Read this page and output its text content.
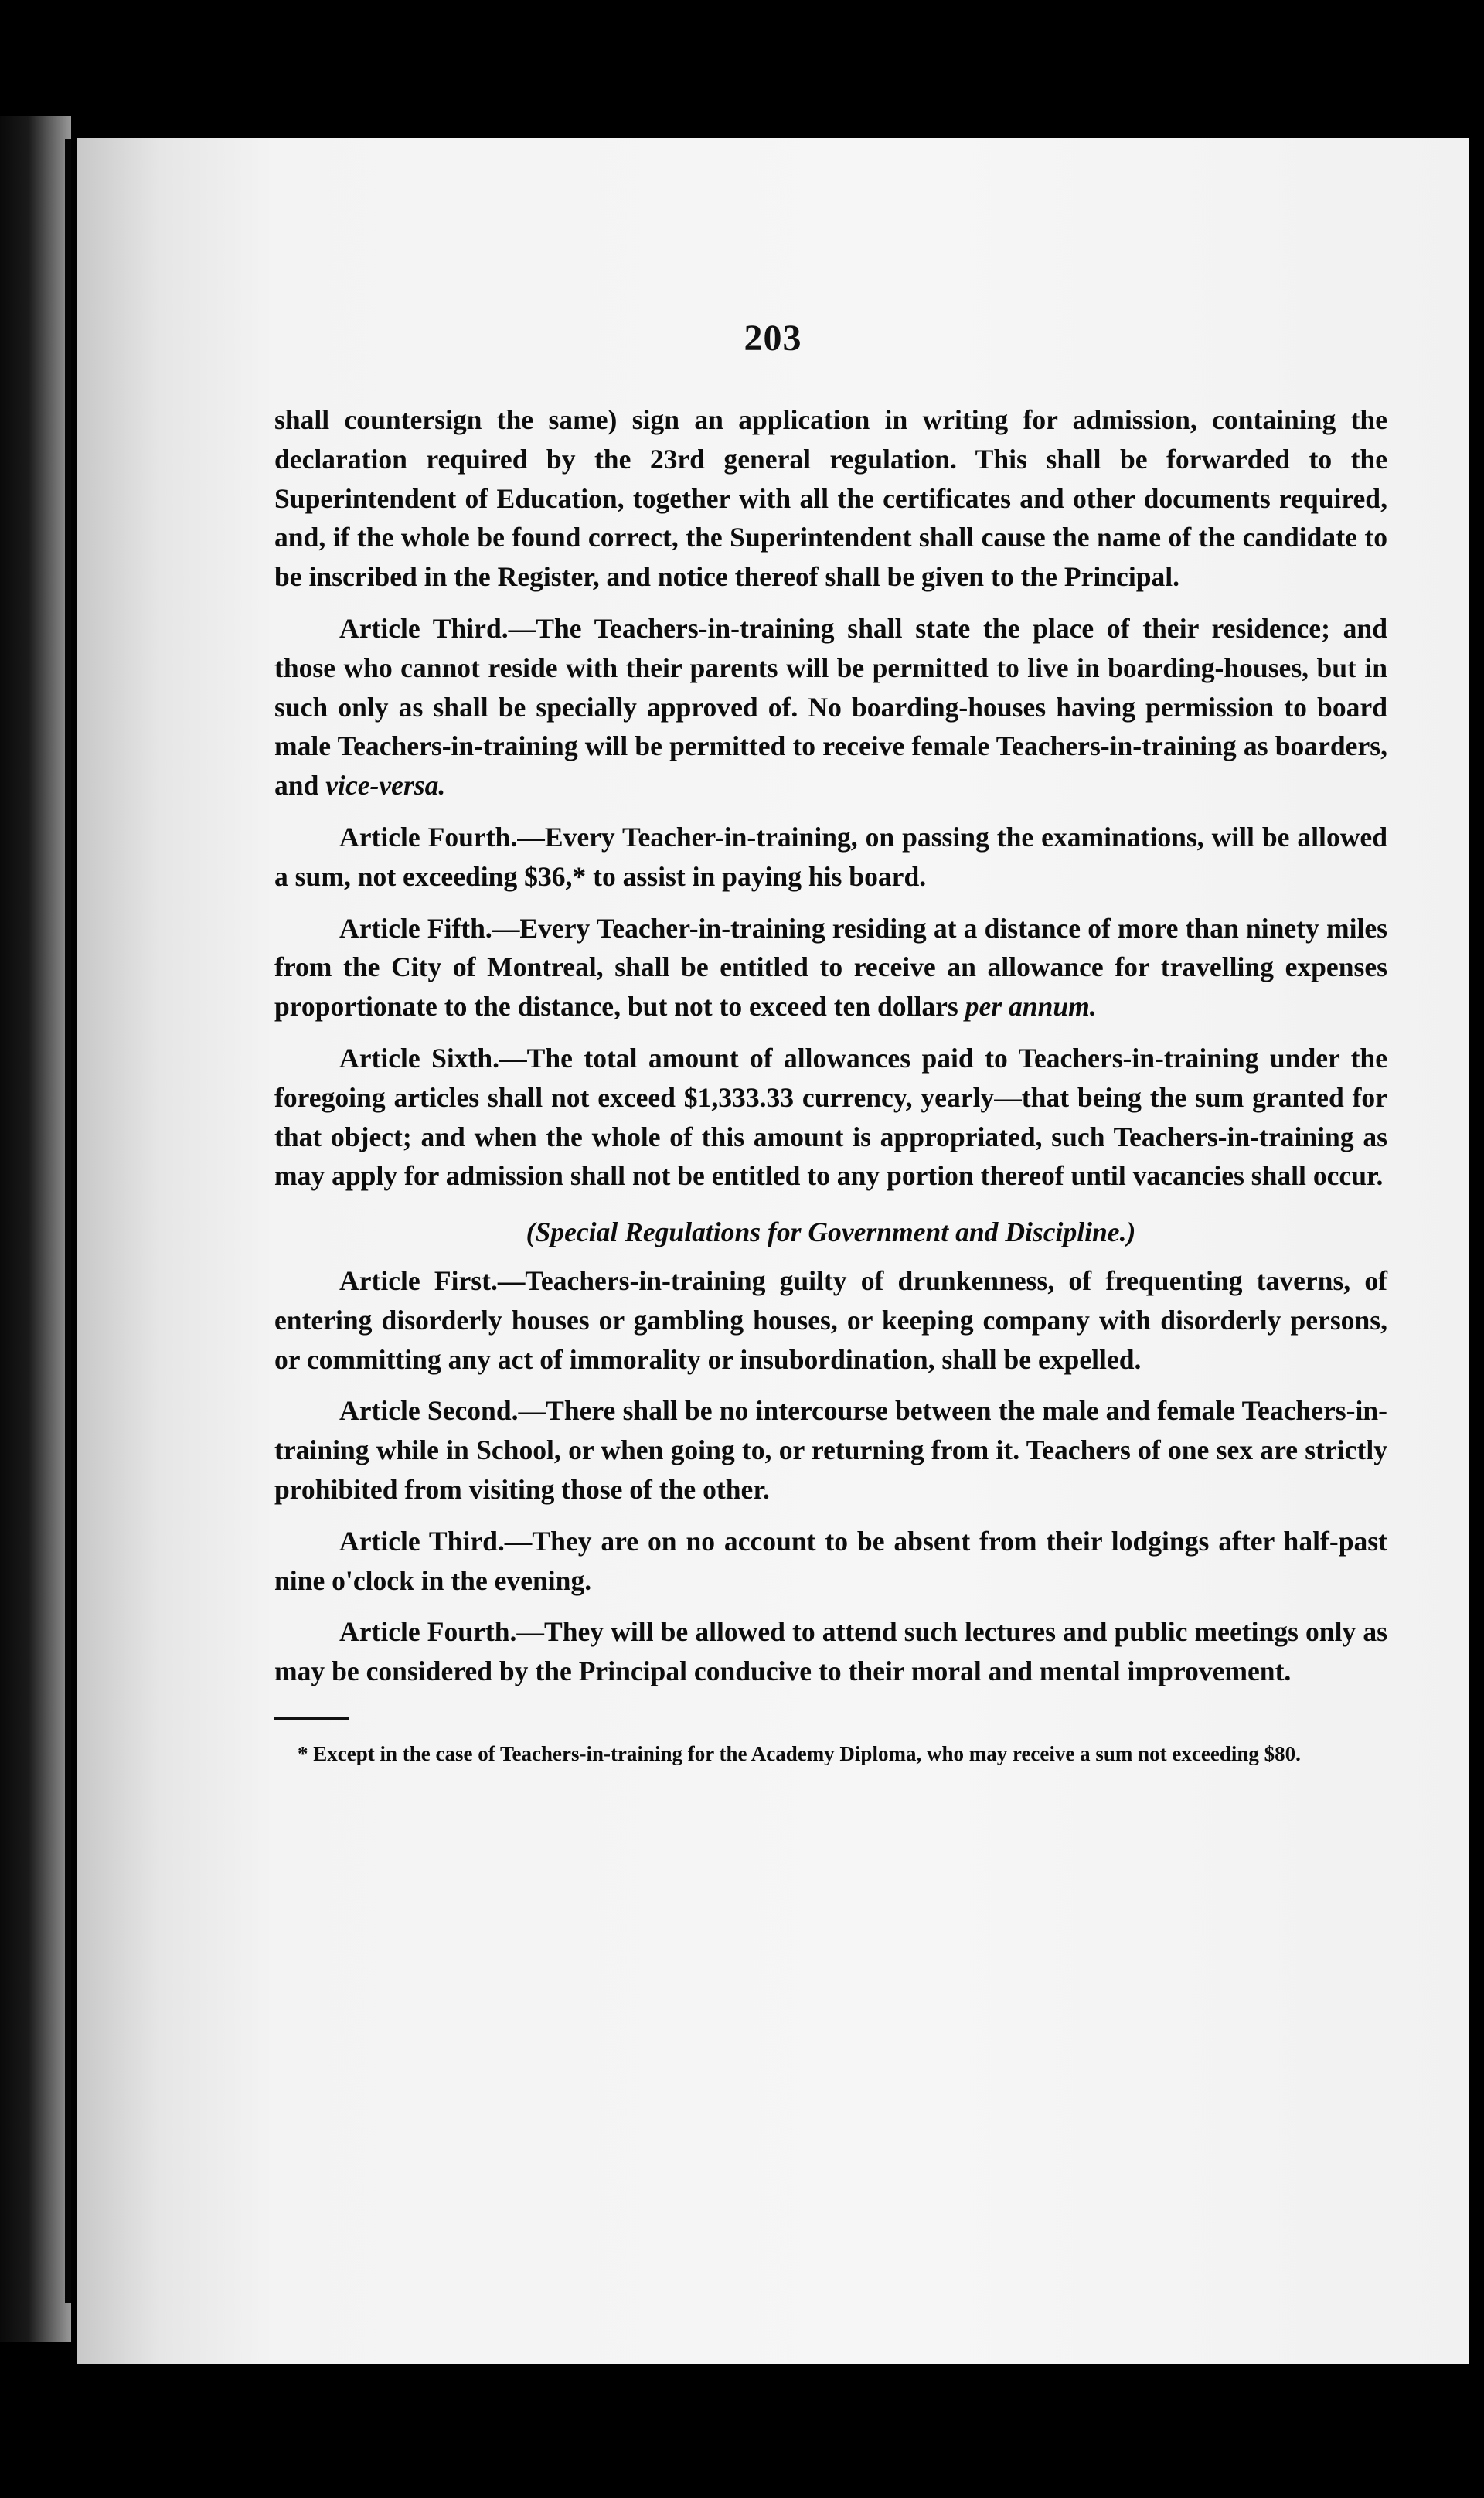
203

shall countersign the same) sign an application in writing for admission, containing the declaration required by the 23rd general regulation. This shall be forwarded to the Superintendent of Education, together with all the certificates and other documents required, and, if the whole be found correct, the Superintendent shall cause the name of the candidate to be inscribed in the Register, and notice thereof shall be given to the Principal.

Article Third.—The Teachers-in-training shall state the place of their residence; and those who cannot reside with their parents will be permitted to live in boarding-houses, but in such only as shall be specially approved of. No boarding-houses having permission to board male Teachers-in-training will be permitted to receive female Teachers-in-training as boarders, and vice-versa.

Article Fourth.—Every Teacher-in-training, on passing the examinations, will be allowed a sum, not exceeding $36,* to assist in paying his board.

Article Fifth.—Every Teacher-in-training residing at a distance of more than ninety miles from the City of Montreal, shall be entitled to receive an allowance for travelling expenses proportionate to the distance, but not to exceed ten dollars per annum.

Article Sixth.—The total amount of allowances paid to Teachers-in-training under the foregoing articles shall not exceed $1,333.33 currency, yearly—that being the sum granted for that object; and when the whole of this amount is appropriated, such Teachers-in-training as may apply for admission shall not be entitled to any portion thereof until vacancies shall occur.

(Special Regulations for Government and Discipline.)

Article First.—Teachers-in-training guilty of drunkenness, of frequenting taverns, of entering disorderly houses or gambling houses, or keeping company with disorderly persons, or committing any act of immorality or insubordination, shall be expelled.

Article Second.—There shall be no intercourse between the male and female Teachers-in-training while in School, or when going to, or returning from it. Teachers of one sex are strictly prohibited from visiting those of the other.

Article Third.—They are on no account to be absent from their lodgings after half-past nine o'clock in the evening.

Article Fourth.—They will be allowed to attend such lectures and public meetings only as may be considered by the Principal conducive to their moral and mental improvement.

* Except in the case of Teachers-in-training for the Academy Diploma, who may receive a sum not exceeding $80.
